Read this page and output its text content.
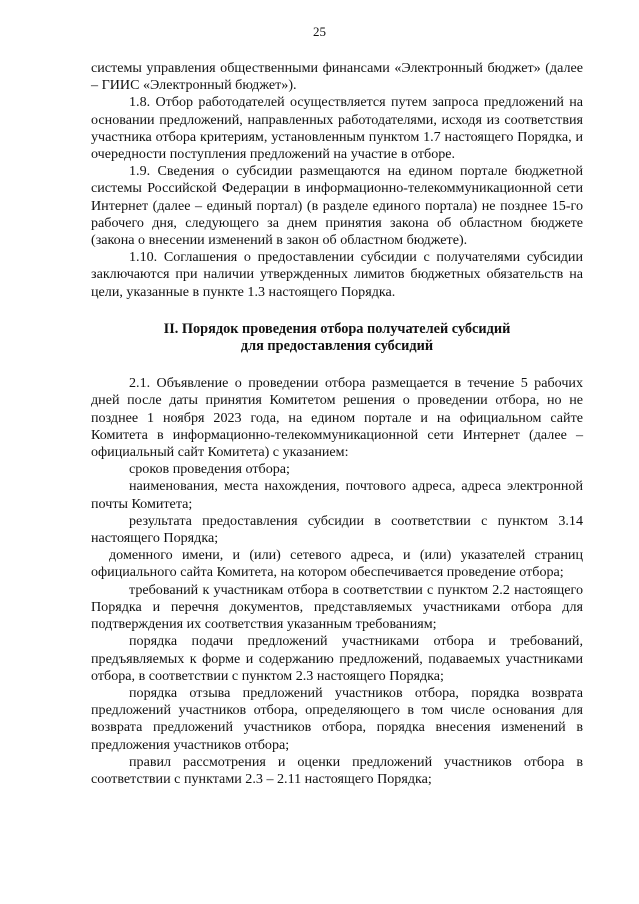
25

системы управления общественными финансами «Электронный бюджет» (далее – ГИИС «Электронный бюджет»).

1.8. Отбор работодателей осуществляется путем запроса предложений на основании предложений, направленных работодателями, исходя из соответствия участника отбора критериям, установленным пунктом 1.7 настоящего Порядка, и очередности поступления предложений на участие в отборе.

1.9. Сведения о субсидии размещаются на едином портале бюджетной системы Российской Федерации в информационно-телекоммуникационной сети Интернет (далее – единый портал) (в разделе единого портала) не позднее 15-го рабочего дня, следующего за днем принятия закона об областном бюджете (закона о внесении изменений в закон об областном бюджете).

1.10. Соглашения о предоставлении субсидии с получателями субсидии заключаются при наличии утвержденных лимитов бюджетных обязательств на цели, указанные в пункте 1.3 настоящего Порядка.

II. Порядок проведения отбора получателей субсидий
для предоставления субсидий

2.1. Объявление о проведении отбора размещается в течение 5 рабочих дней после даты принятия Комитетом решения о проведении отбора, но не позднее 1 ноября 2023 года, на едином портале и на официальном сайте Комитета в информационно-телекоммуникационной сети Интернет (далее – официальный сайт Комитета) с указанием:

сроков проведения отбора;

наименования, места нахождения, почтового адреса, адреса электронной почты Комитета;

результата предоставления субсидии в соответствии с пунктом 3.14 настоящего Порядка;

доменного имени, и (или) сетевого адреса, и (или) указателей страниц официального сайта Комитета, на котором обеспечивается проведение отбора;

требований к участникам отбора в соответствии с пунктом 2.2 настоящего Порядка и перечня документов, представляемых участниками отбора для подтверждения их соответствия указанным требованиям;

порядка подачи предложений участниками отбора и требований, предъявляемых к форме и содержанию предложений, подаваемых участниками отбора, в соответствии с пунктом 2.3 настоящего Порядка;

порядка отзыва предложений участников отбора, порядка возврата предложений участников отбора, определяющего в том числе основания для возврата предложений участников отбора, порядка внесения изменений в предложения участников отбора;

правил рассмотрения и оценки предложений участников отбора в соответствии с пунктами 2.3 – 2.11 настоящего Порядка;
